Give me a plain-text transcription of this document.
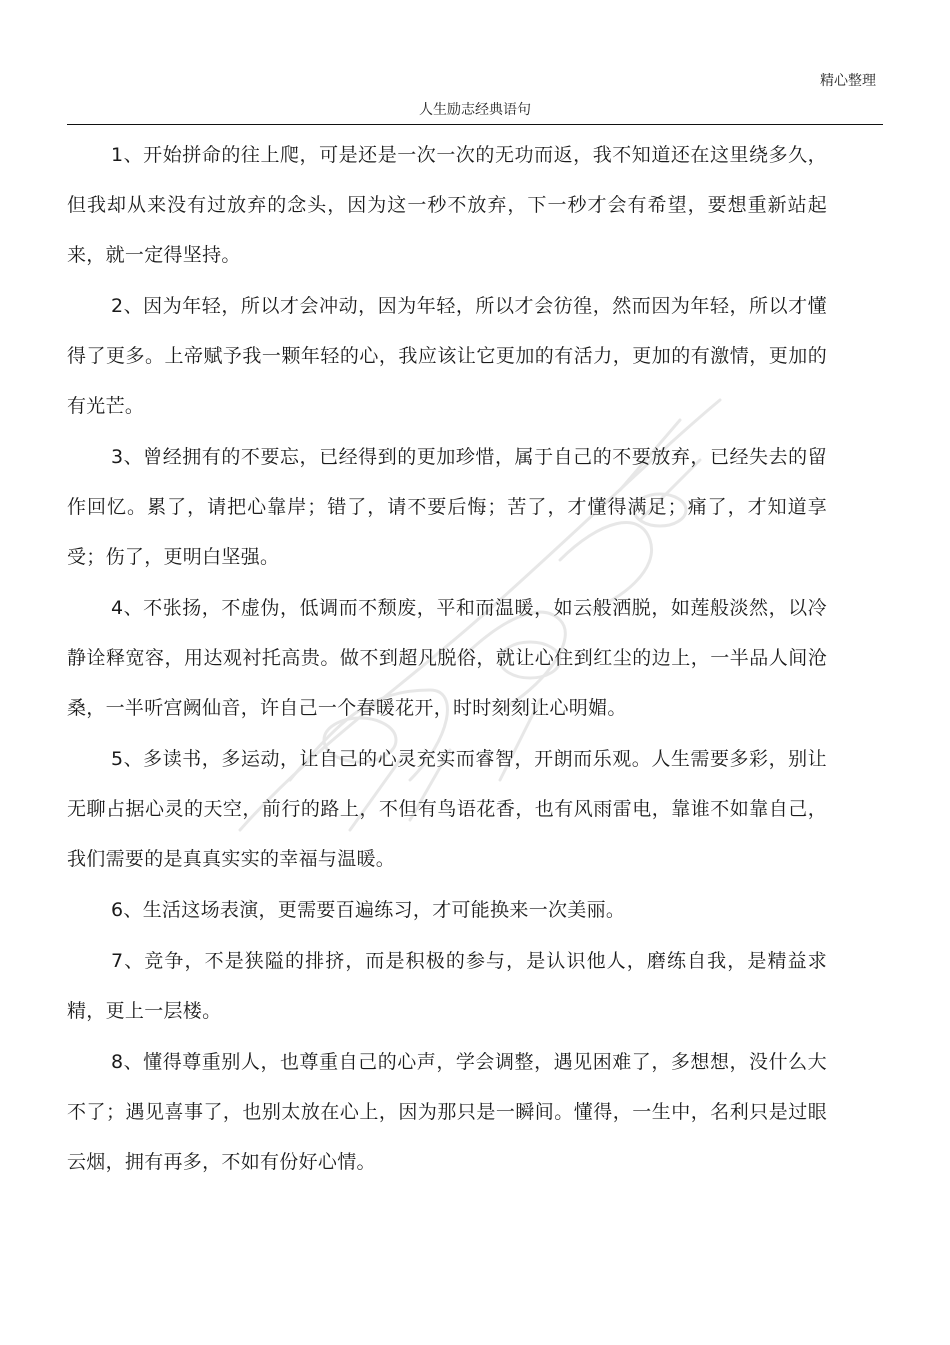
精心整理
人生励志经典语句

1、开始拼命的往上爬，可是还是一次一次的无功而返，我不知道还在这里绕多久，但我却从来没有过放弃的念头，因为这一秒不放弃，下一秒才会有希望，要想重新站起来，就一定得坚持。

2、因为年轻，所以才会冲动，因为年轻，所以才会彷徨，然而因为年轻，所以才懂得了更多。上帝赋予我一颗年轻的心，我应该让它更加的有活力，更加的有激情，更加的有光芒。

3、曾经拥有的不要忘，已经得到的更加珍惜，属于自己的不要放弃，已经失去的留作回忆。累了，请把心靠岸；错了，请不要后悔；苦了，才懂得满足；痛了，才知道享受；伤了，更明白坚强。

4、不张扬，不虚伪，低调而不颓废，平和而温暖，如云般洒脱，如莲般淡然，以冷静诠释宽容，用达观衬托高贵。做不到超凡脱俗，就让心住到红尘的边上，一半品人间沧桑，一半听宫阙仙音，许自己一个春暖花开，时时刻刻让心明媚。

5、多读书，多运动，让自己的心灵充实而睿智，开朗而乐观。人生需要多彩，别让无聊占据心灵的天空，前行的路上，不但有鸟语花香，也有风雨雷电，靠谁不如靠自己，我们需要的是真真实实的幸福与温暖。

6、生活这场表演，更需要百遍练习，才可能换来一次美丽。

7、竞争，不是狭隘的排挤，而是积极的参与，是认识他人，磨练自我，是精益求精，更上一层楼。

8、懂得尊重别人，也尊重自己的心声，学会调整，遇见困难了，多想想，没什么大不了；遇见喜事了，也别太放在心上，因为那只是一瞬间。懂得，一生中，名利只是过眼云烟，拥有再多，不如有份好心情。
